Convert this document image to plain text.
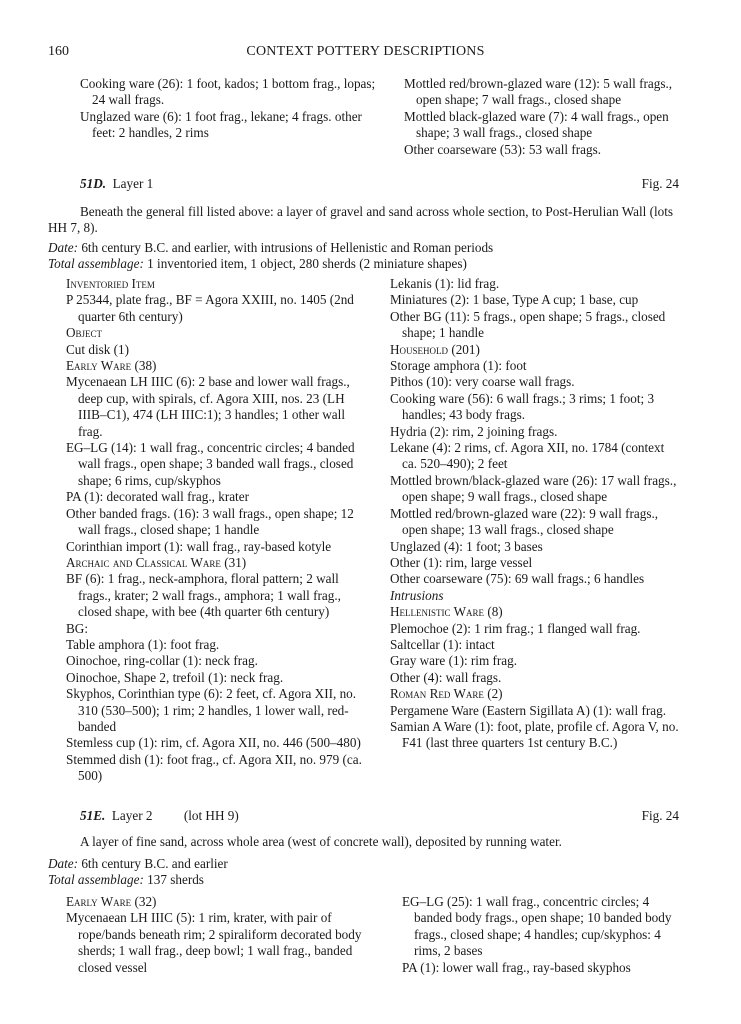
160	CONTEXT POTTERY DESCRIPTIONS

Cooking ware (26): 1 foot, kados; 1 bottom frag., lopas; 24 wall frags.

Unglazed ware (6): 1 foot frag., lekane; 4 frags. other feet: 2 handles, 2 rims

Mottled red/brown-glazed ware (12): 5 wall frags., open shape; 7 wall frags., closed shape

Mottled black-glazed ware (7): 4 wall frags., open shape; 3 wall frags., closed shape

Other coarseware (53): 53 wall frags.

51D. Layer 1	Fig. 24

Beneath the general fill listed above: a layer of gravel and sand across whole section, to Post-Herulian Wall (lots HH 7, 8).

Date: 6th century B.C. and earlier, with intrusions of Hellenistic and Roman periods

Total assemblage: 1 inventoried item, 1 object, 280 sherds (2 miniature shapes)

Inventoried Item

P 25344, plate frag., BF = Agora XXIII, no. 1405 (2nd quarter 6th century)

Object

Cut disk (1)

Early Ware (38)

Mycenaean LH IIIC (6): 2 base and lower wall frags., deep cup, with spirals, cf. Agora XIII, nos. 23 (LH IIIB–C1), 474 (LH IIIC:1); 3 handles; 1 other wall frag.

EG–LG (14): 1 wall frag., concentric circles; 4 banded wall frags., open shape; 3 banded wall frags., closed shape; 6 rims, cup/skyphos

PA (1): decorated wall frag., krater

Other banded frags. (16): 3 wall frags., open shape; 12 wall frags., closed shape; 1 handle

Corinthian import (1): wall frag., ray-based kotyle

Archaic and Classical Ware (31)

BF (6): 1 frag., neck-amphora, floral pattern; 2 wall frags., krater; 2 wall frags., amphora; 1 wall frag., closed shape, with bee (4th quarter 6th century)

BG:

Table amphora (1): foot frag.

Oinochoe, ring-collar (1): neck frag.

Oinochoe, Shape 2, trefoil (1): neck frag.

Skyphos, Corinthian type (6): 2 feet, cf. Agora XII, no. 310 (530–500); 1 rim; 2 handles, 1 lower wall, red-banded

Stemless cup (1): rim, cf. Agora XII, no. 446 (500–480)

Stemmed dish (1): foot frag., cf. Agora XII, no. 979 (ca. 500)

Lekanis (1): lid frag.

Miniatures (2): 1 base, Type A cup; 1 base, cup

Other BG (11): 5 frags., open shape; 5 frags., closed shape; 1 handle

Household (201)

Storage amphora (1): foot

Pithos (10): very coarse wall frags.

Cooking ware (56): 6 wall frags.; 3 rims; 1 foot; 3 handles; 43 body frags.

Hydria (2): rim, 2 joining frags.

Lekane (4): 2 rims, cf. Agora XII, no. 1784 (context ca. 520–490); 2 feet

Mottled brown/black-glazed ware (26): 17 wall frags., open shape; 9 wall frags., closed shape

Mottled red/brown-glazed ware (22): 9 wall frags., open shape; 13 wall frags., closed shape

Unglazed (4): 1 foot; 3 bases

Other (1): rim, large vessel

Other coarseware (75): 69 wall frags.; 6 handles

Intrusions

Hellenistic Ware (8)

Plemochoe (2): 1 rim frag.; 1 flanged wall frag.

Saltcellar (1): intact

Gray ware (1): rim frag.

Other (4): wall frags.

Roman Red Ware (2)

Pergamene Ware (Eastern Sigillata A) (1): wall frag.

Samian A Ware (1): foot, plate, profile cf. Agora V, no. F41 (last three quarters 1st century B.C.)

51E. Layer 2 (lot HH 9)	Fig. 24

A layer of fine sand, across whole area (west of concrete wall), deposited by running water.

Date: 6th century B.C. and earlier

Total assemblage: 137 sherds

Early Ware (32)

Mycenaean LH IIIC (5): 1 rim, krater, with pair of rope/bands beneath rim; 2 spiraliform decorated body sherds; 1 wall frag., deep bowl; 1 wall frag., banded closed vessel

EG–LG (25): 1 wall frag., concentric circles; 4 banded body frags., open shape; 10 banded body frags., closed shape; 4 handles; cup/skyphos: 4 rims, 2 bases

PA (1): lower wall frag., ray-based skyphos
